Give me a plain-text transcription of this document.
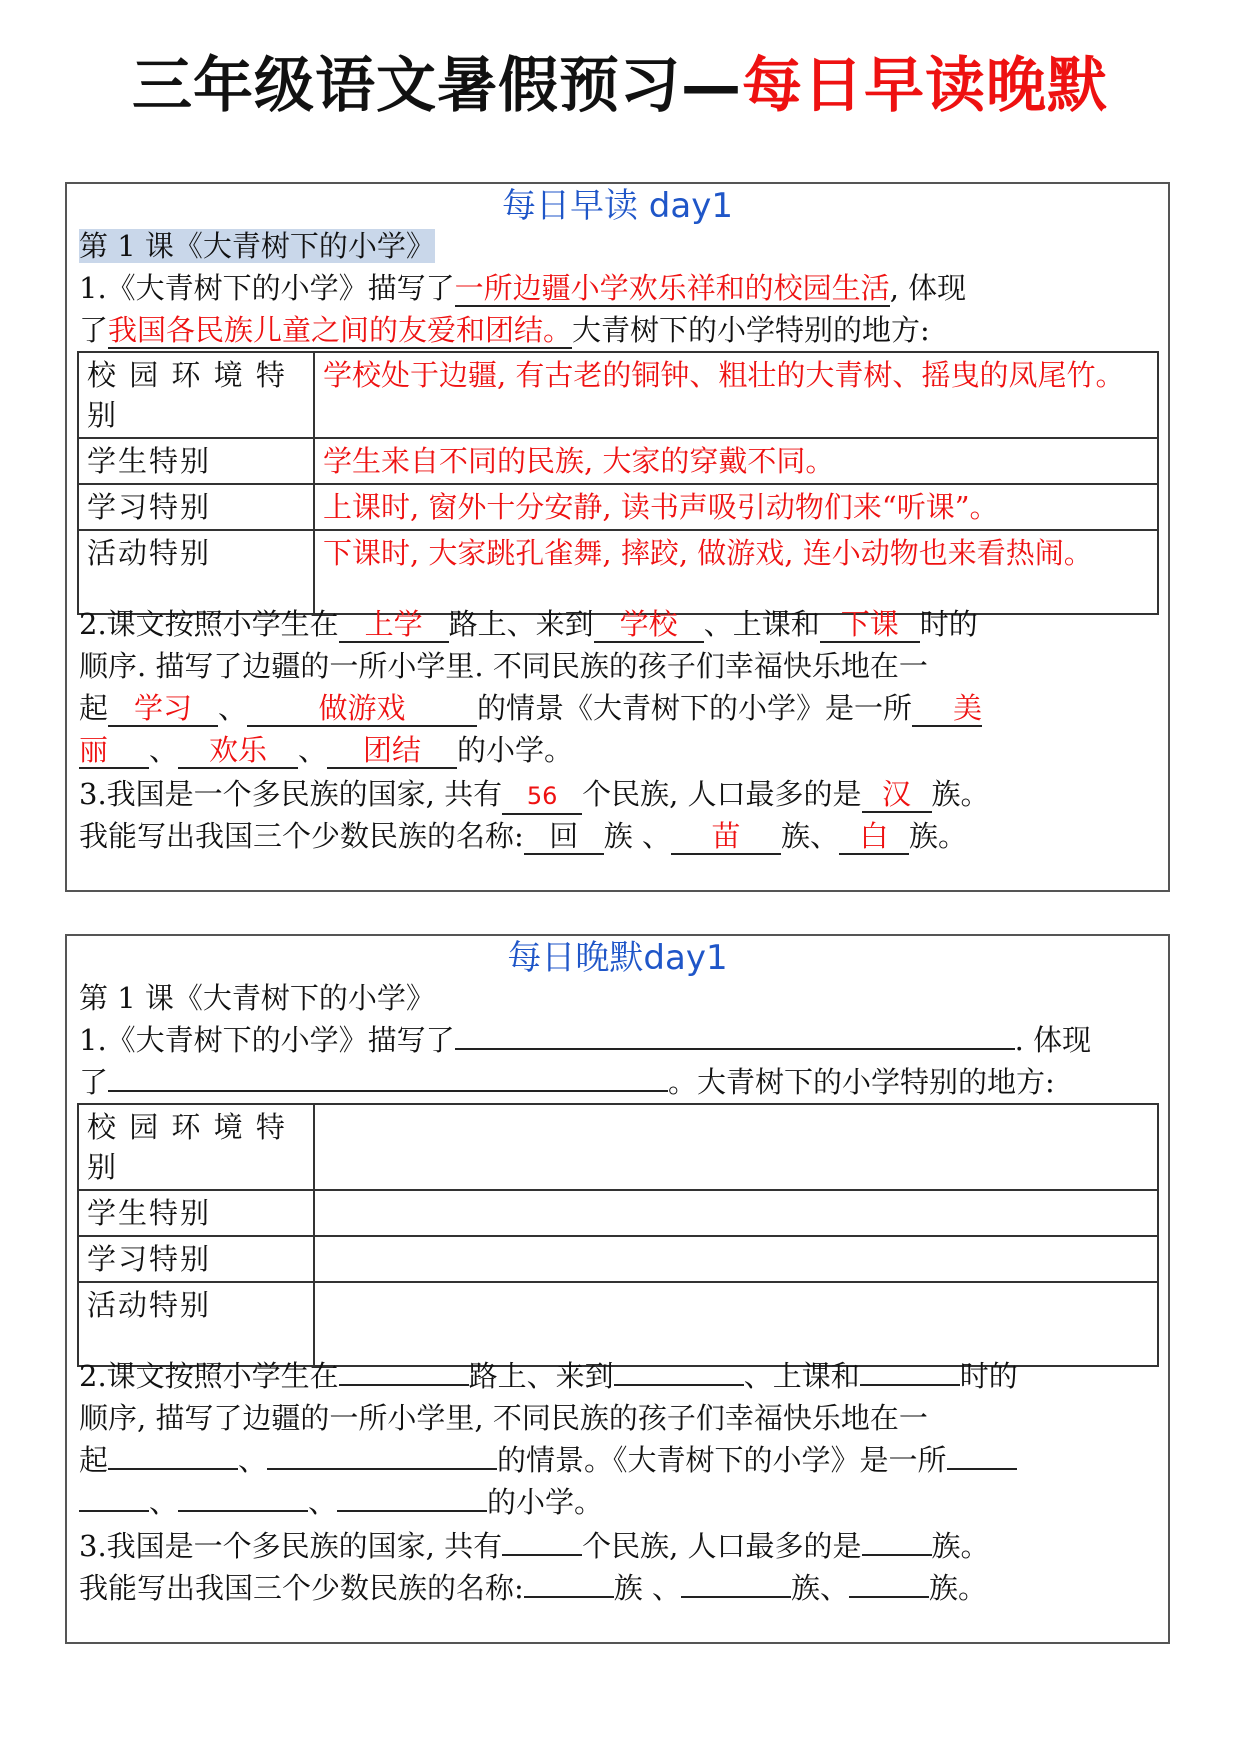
三年级语文暑假预习—每日早读晚默
每日早读 day1
第 1 课《大青树下的小学》
1.《大青树下的小学》描写了一所边疆小学欢乐祥和的校园生活, 体现
了我国各民族儿童之间的友爱和团结。大青树下的小学特别的地方:
校 园 环 境 特 别	学校处于边疆, 有古老的铜钟、粗壮的大青树、摇曳的凤尾竹。
学生特别	学生来自不同的民族, 大家的穿戴不同。
学习特别	上课时, 窗外十分安静, 读书声吸引动物们来“听课”。
活动特别	下课时, 大家跳孔雀舞, 摔跤, 做游戏, 连小动物也来看热闹。
2.课文按照小学生在 上学 路上、来到 学校 、上课和 下课 时的
顺序. 描写了边疆的一所小学里. 不同民族的孩子们幸福快乐地在一
起 学习 、 做游戏 的情景《大青树下的小学》是一所 美
丽 、 欢乐 、 团结 的小学。
3.我国是一个多民族的国家, 共有 56 个民族, 人口最多的是 汉 族。
我能写出我国三个少数民族的名称: 回 族 、 苗 族、 白 族。
每日晚默day1
第 1 课《大青树下的小学》
1.《大青树下的小学》描写了	. 体现
了	。大青树下的小学特别的地方:
校 园 环 境 特 别	
学生特别	
学习特别	
活动特别	
2.课文按照小学生在	路上、来到	、上课和	时的
顺序, 描写了边疆的一所小学里, 不同民族的孩子们幸福快乐地在一
起	、	的情景。《大青树下的小学》是一所
、	、	的小学。
3.我国是一个多民族的国家, 共有	个民族, 人口最多的是 族。
我能写出我国三个少数民族的名称:	族 、	族、	族。
